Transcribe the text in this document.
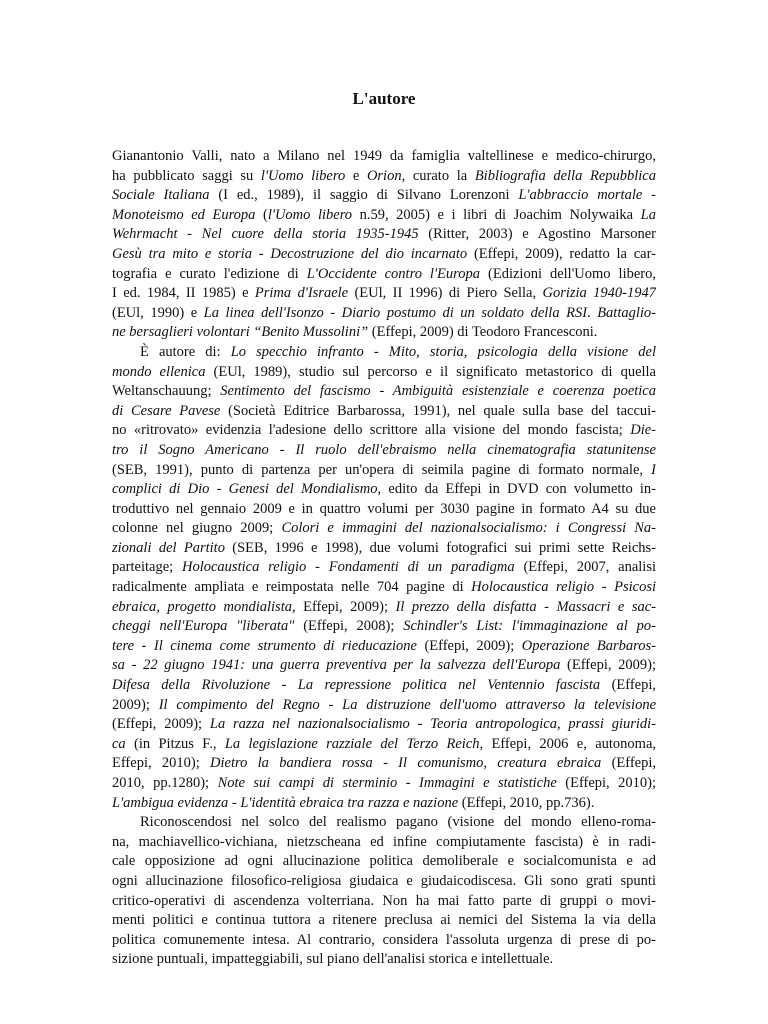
L'autore
Gianantonio Valli, nato a Milano nel 1949 da famiglia valtellinese e medico-chirurgo,
ha pubblicato saggi su l'Uomo libero e Orion, curato la Bibliografia della Repubblica
Sociale Italiana (I ed., 1989), il saggio di Silvano Lorenzoni L'abbraccio mortale -
Monoteismo ed Europa (l'Uomo libero n.59, 2005) e i libri di Joachim Nolywaika La
Wehrmacht - Nel cuore della storia 1935-1945 (Ritter, 2003) e Agostino Marsoner
Gesù tra mito e storia - Decostruzione del dio incarnato (Effepi, 2009), redatto la car-
tografia e curato l'edizione di L'Occidente contro l'Europa (Edizioni dell'Uomo libero,
I ed. 1984, II 1985) e Prima d'Israele (EUl, II 1996) di Piero Sella, Gorizia 1940-1947
(EUl, 1990) e La linea dell'Isonzo - Diario postumo di un soldato della RSI. Battaglio-
ne bersaglieri volontari “Benito Mussolini” (Effepi, 2009) di Teodoro Francesconi.
È autore di: Lo specchio infranto - Mito, storia, psicologia della visione del
mondo ellenica (EUl, 1989), studio sul percorso e il significato metastorico di quella
Weltanschauung; Sentimento del fascismo - Ambiguità esistenziale e coerenza poetica
di Cesare Pavese (Società Editrice Barbarossa, 1991), nel quale sulla base del taccui-
no «ritrovato» evidenzia l'adesione dello scrittore alla visione del mondo fascista; Die-
tro il Sogno Americano - Il ruolo dell'ebraismo nella cinematografia statunitense
(SEB, 1991), punto di partenza per un'opera di seimila pagine di formato normale, I
complici di Dio - Genesi del Mondialismo, edito da Effepi in DVD con volumetto in-
troduttivo nel gennaio 2009 e in quattro volumi per 3030 pagine in formato A4 su due
colonne nel giugno 2009; Colori e immagini del nazionalsocialismo: i Congressi Na-
zionali del Partito (SEB, 1996 e 1998), due volumi fotografici sui primi sette Reichs-
parteitage; Holocaustica religio - Fondamenti di un paradigma (Effepi, 2007, analisi
radicalmente ampliata e reimpostata nelle 704 pagine di Holocaustica religio - Psicosi
ebraica, progetto mondialista, Effepi, 2009); Il prezzo della disfatta - Massacri e sac-
cheggi nell'Europa "liberata" (Effepi, 2008); Schindler's List: l'immaginazione al po-
tere - Il cinema come strumento di rieducazione (Effepi, 2009); Operazione Barbaros-
sa - 22 giugno 1941: una guerra preventiva per la salvezza dell'Europa (Effepi, 2009);
Difesa della Rivoluzione - La repressione politica nel Ventennio fascista (Effepi,
2009); Il compimento del Regno - La distruzione dell'uomo attraverso la televisione
(Effepi, 2009); La razza nel nazionalsocialismo - Teoria antropologica, prassi giuridi-
ca (in Pitzus F., La legislazione razziale del Terzo Reich, Effepi, 2006 e, autonoma,
Effepi, 2010); Dietro la bandiera rossa - Il comunismo, creatura ebraica (Effepi,
2010, pp.1280); Note sui campi di sterminio - Immagini e statistiche (Effepi, 2010);
L'ambigua evidenza - L'identità ebraica tra razza e nazione (Effepi, 2010, pp.736).
Riconoscendosi nel solco del realismo pagano (visione del mondo elleno-roma-
na, machiavellico-vichiana, nietzscheana ed infine compiutamente fascista) è in radi-
cale opposizione ad ogni allucinazione politica demoliberale e socialcomunista e ad
ogni allucinazione filosofico-religiosa giudaica e giudaicodiscesa. Gli sono grati spunti
critico-operativi di ascendenza volterriana. Non ha mai fatto parte di gruppi o movi-
menti politici e continua tuttora a ritenere preclusa ai nemici del Sistema la via della
politica comunemente intesa. Al contrario, considera l'assoluta urgenza di prese di po-
sizione puntuali, impatteggiabili, sul piano dell'analisi storica e intellettuale.
